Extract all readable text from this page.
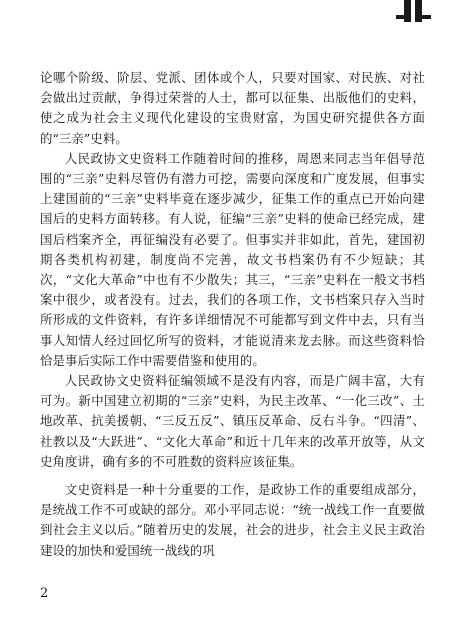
论哪个阶级、阶层、党派、团体或个人，只要对国家、对民族、对社会做出过贡献，争得过荣誉的人士，都可以征集、出版他们的史料，使之成为社会主义现代化建设的宝贵财富，为国史研究提供各方面的“三亲”史料。

人民政协文史资料工作随着时间的推移，周恩来同志当年倡导范围的“三亲”史料尽管仍有潜力可挖，需要向深度和广度发展，但事实上建国前的“三亲”史料毕竟在逐步减少，征集工作的重点已开始向建国后的史料方面转移。有人说，征编“三亲”史料的使命已经完成，建国后档案齐全，再征编没有必要了。但事实并非如此，首先，建国初期各类机构初建，制度尚不完善，故文书档案仍有不少短缺；其次，“文化大革命”中也有不少散失；其三，“三亲”史料在一般文书档案中很少，或者没有。过去，我们的各项工作，文书档案只存入当时所形成的文件资料，有许多详细情况不可能都写到文件中去，只有当事人知情人经过回忆所写的资料，才能说清来龙去脉。而这些资料恰恰是事后实际工作中需要借鉴和使用的。

人民政协文史资料征编领域不是没有内容，而是广阔丰富，大有可为。新中国建立初期的“三亲”史料，为民主改革、“一化三改”、土地改革、抗美援朝、“三反五反”、镇压反革命、反右斗争。“四清”、社教以及“大跃进”、“文化大革命”和近十几年来的改革开放等，从文史角度讲，确有多的不可胜数的资料应该征集。

文史资料是一种十分重要的工作，是政协工作的重要组成部分，是统战工作不可或缺的部分。邓小平同志说：“统一战线工作一直要做到社会主义以后。”随着历史的发展，社会的进步，社会主义民主政治建设的加快和爱国统一战线的巩

2
